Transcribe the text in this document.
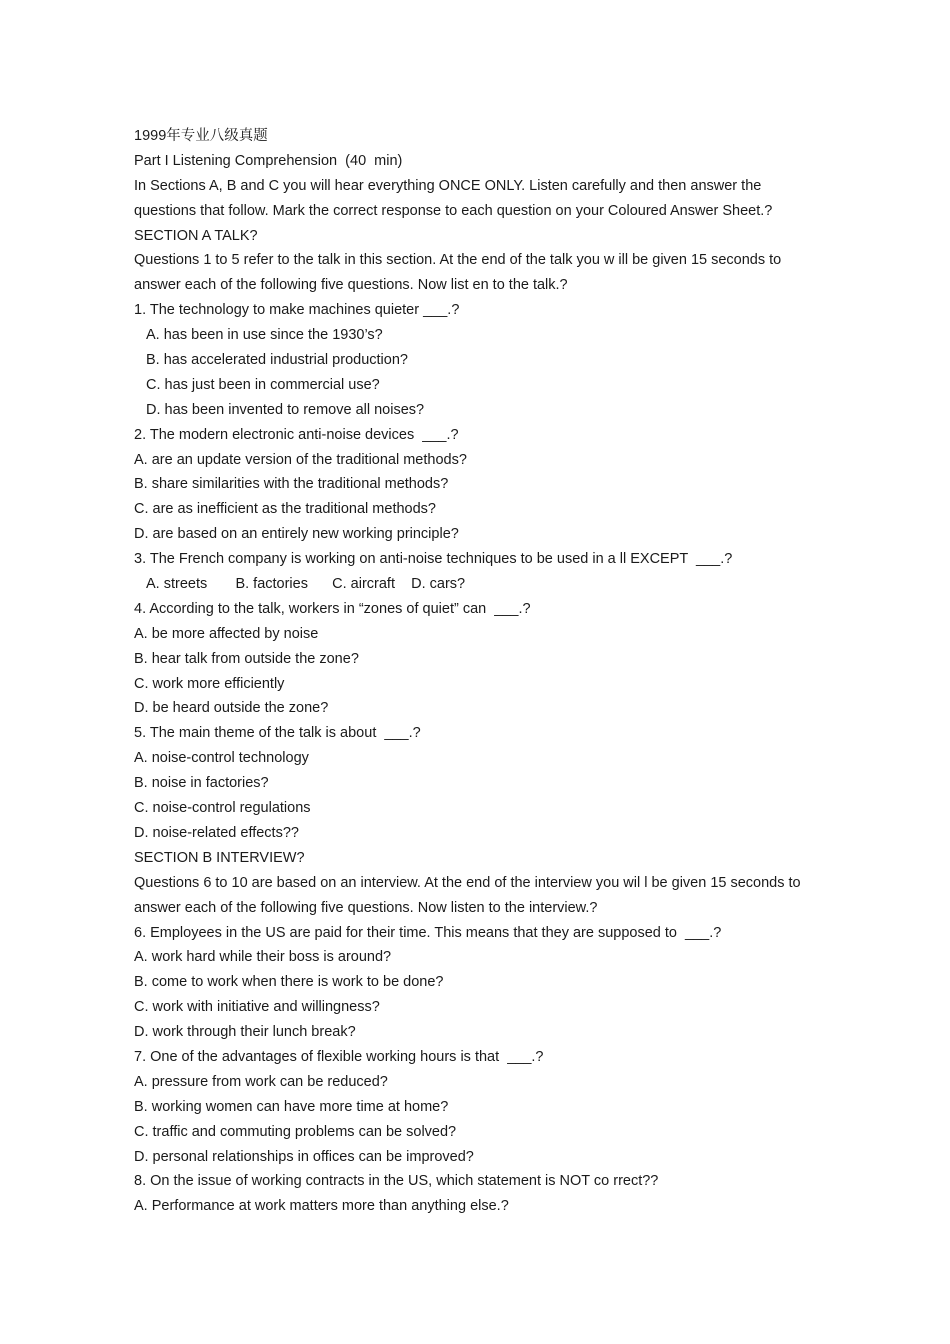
1999年专业八级真题

Part I Listening Comprehension  (40  min)

In Sections A, B and C you will hear everything ONCE ONLY. Listen carefully and then answer the

questions that follow. Mark the correct response to each question on your Coloured Answer Sheet.?

SECTION A TALK?

Questions 1 to 5 refer to the talk in this section. At the end of the talk you w ill be given 15 seconds to

answer each of the following five questions. Now list en to the talk.?

1. The technology to make machines quieter ___.?

A. has been in use since the 1930’s?

B. has accelerated industrial production?

C. has just been in commercial use?

D. has been invented to remove all noises?

2. The modern electronic anti-noise devices  ___.?

A. are an update version of the traditional methods?

B. share similarities with the traditional methods?

C. are as inefficient as the traditional methods?

D. are based on an entirely new working principle?

3. The French company is working on anti-noise techniques to be used in a ll EXCEPT  ___.?

A. streets       B. factories      C. aircraft    D. cars?

4. According to the talk, workers in “zones of quiet” can  ___.?

A. be more affected by noise

B. hear talk from outside the zone?

C. work more efficiently

D. be heard outside the zone?

5. The main theme of the talk is about  ___.?

A. noise-control technology

B. noise in factories?

C. noise-control regulations

D. noise-related effects??

SECTION B INTERVIEW?

Questions 6 to 10 are based on an interview. At the end of the interview you wil l be given 15 seconds to

answer each of the following five questions. Now listen to the interview.?

6. Employees in the US are paid for their time. This means that they are supposed to  ___.?

A. work hard while their boss is around?

B. come to work when there is work to be done?

C. work with initiative and willingness?

D. work through their lunch break?

7. One of the advantages of flexible working hours is that  ___.?

A. pressure from work can be reduced?

B. working women can have more time at home?

C. traffic and commuting problems can be solved?

D. personal relationships in offices can be improved?

8. On the issue of working contracts in the US, which statement is NOT co rrect??

A. Performance at work matters more than anything else.?
